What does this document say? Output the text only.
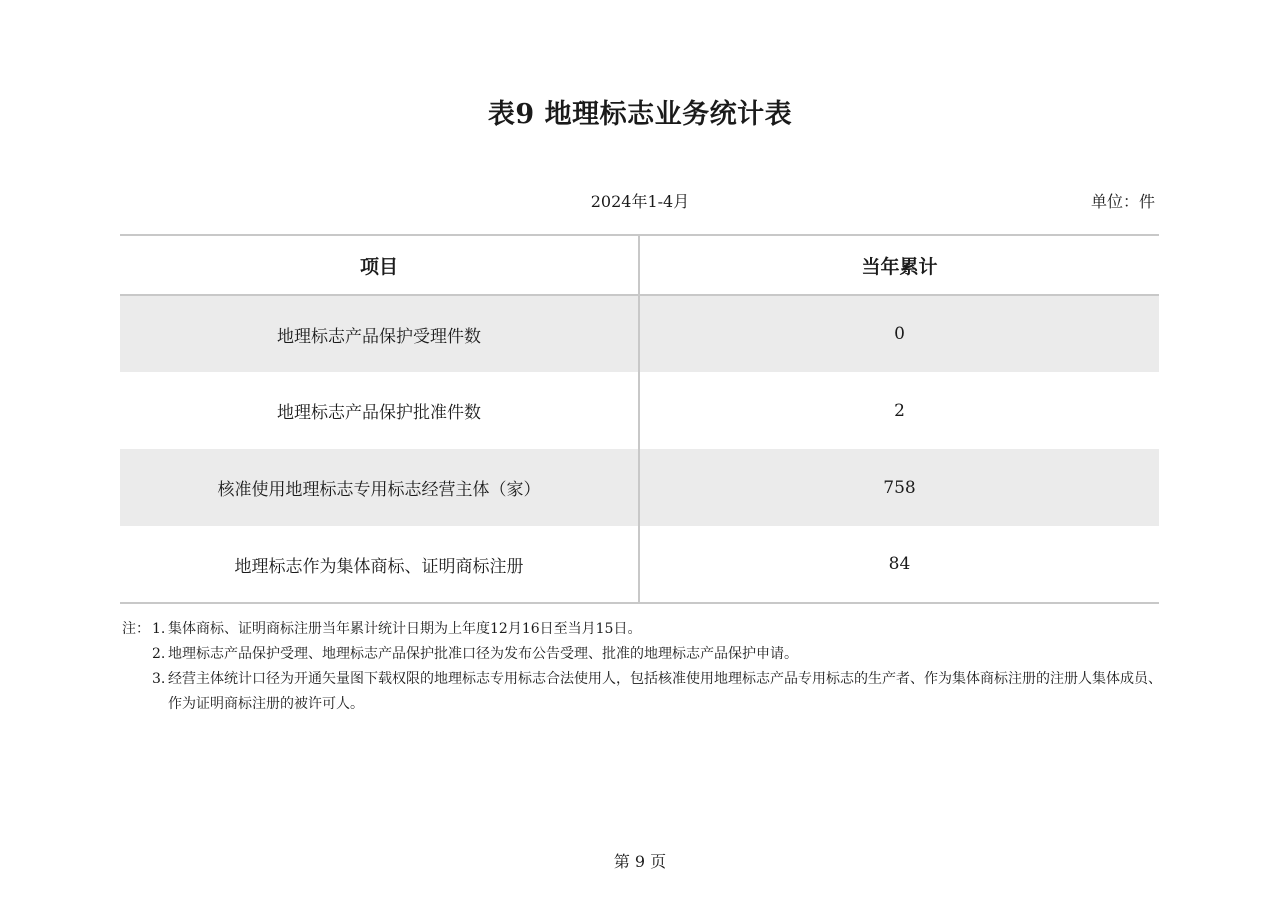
表9 地理标志业务统计表
2024年1-4月	单位：件
项目	当年累计
地理标志产品保护受理件数	0
地理标志产品保护批准件数	2
核准使用地理标志专用标志经营主体（家）	758
地理标志作为集体商标、证明商标注册	84
注： 1. 集体商标、证明商标注册当年累计统计日期为上年度12月16日至当月15日。
2. 地理标志产品保护受理、地理标志产品保护批准口径为发布公告受理、批准的地理标志产品保护申请。
3. 经营主体统计口径为开通矢量图下载权限的地理标志专用标志合法使用人，包括核准使用地理标志产品专用标志的生产者、作为集体商标注册的注册人集体成员、作为证明商标注册的被许可人。
第 9 页
